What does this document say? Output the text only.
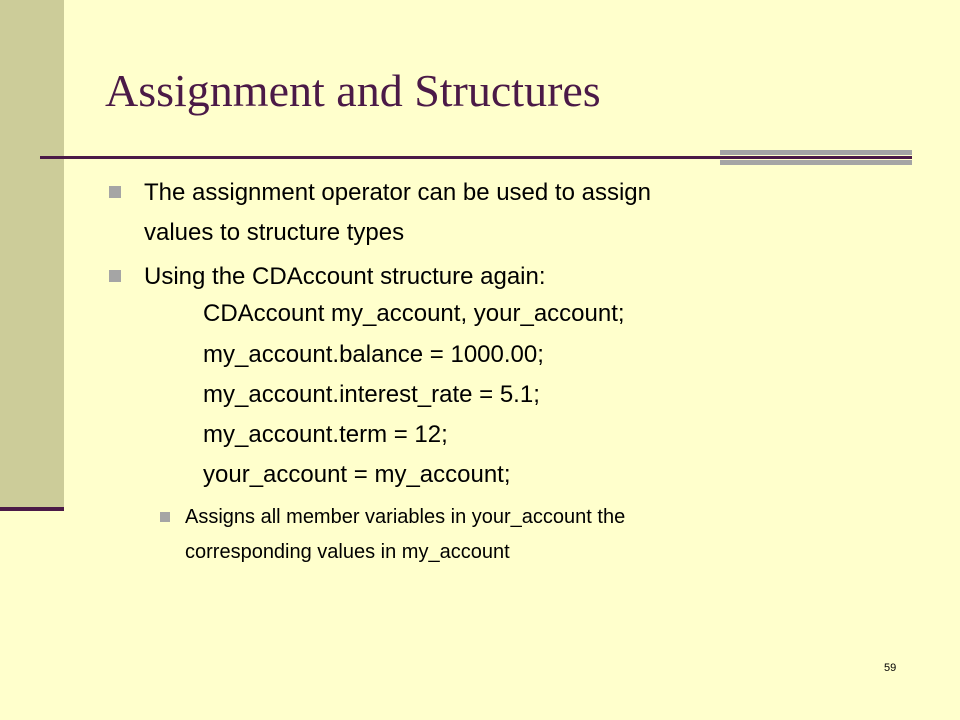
Assignment and Structures
The assignment operator can be used to assign
values to structure types
Using the CDAccount structure again:
CDAccount my_account, your_account;
my_account.balance = 1000.00;
my_account.interest_rate = 5.1;
my_account.term = 12;
your_account = my_account;
Assigns all member variables in your_account the
corresponding values in my_account
59
